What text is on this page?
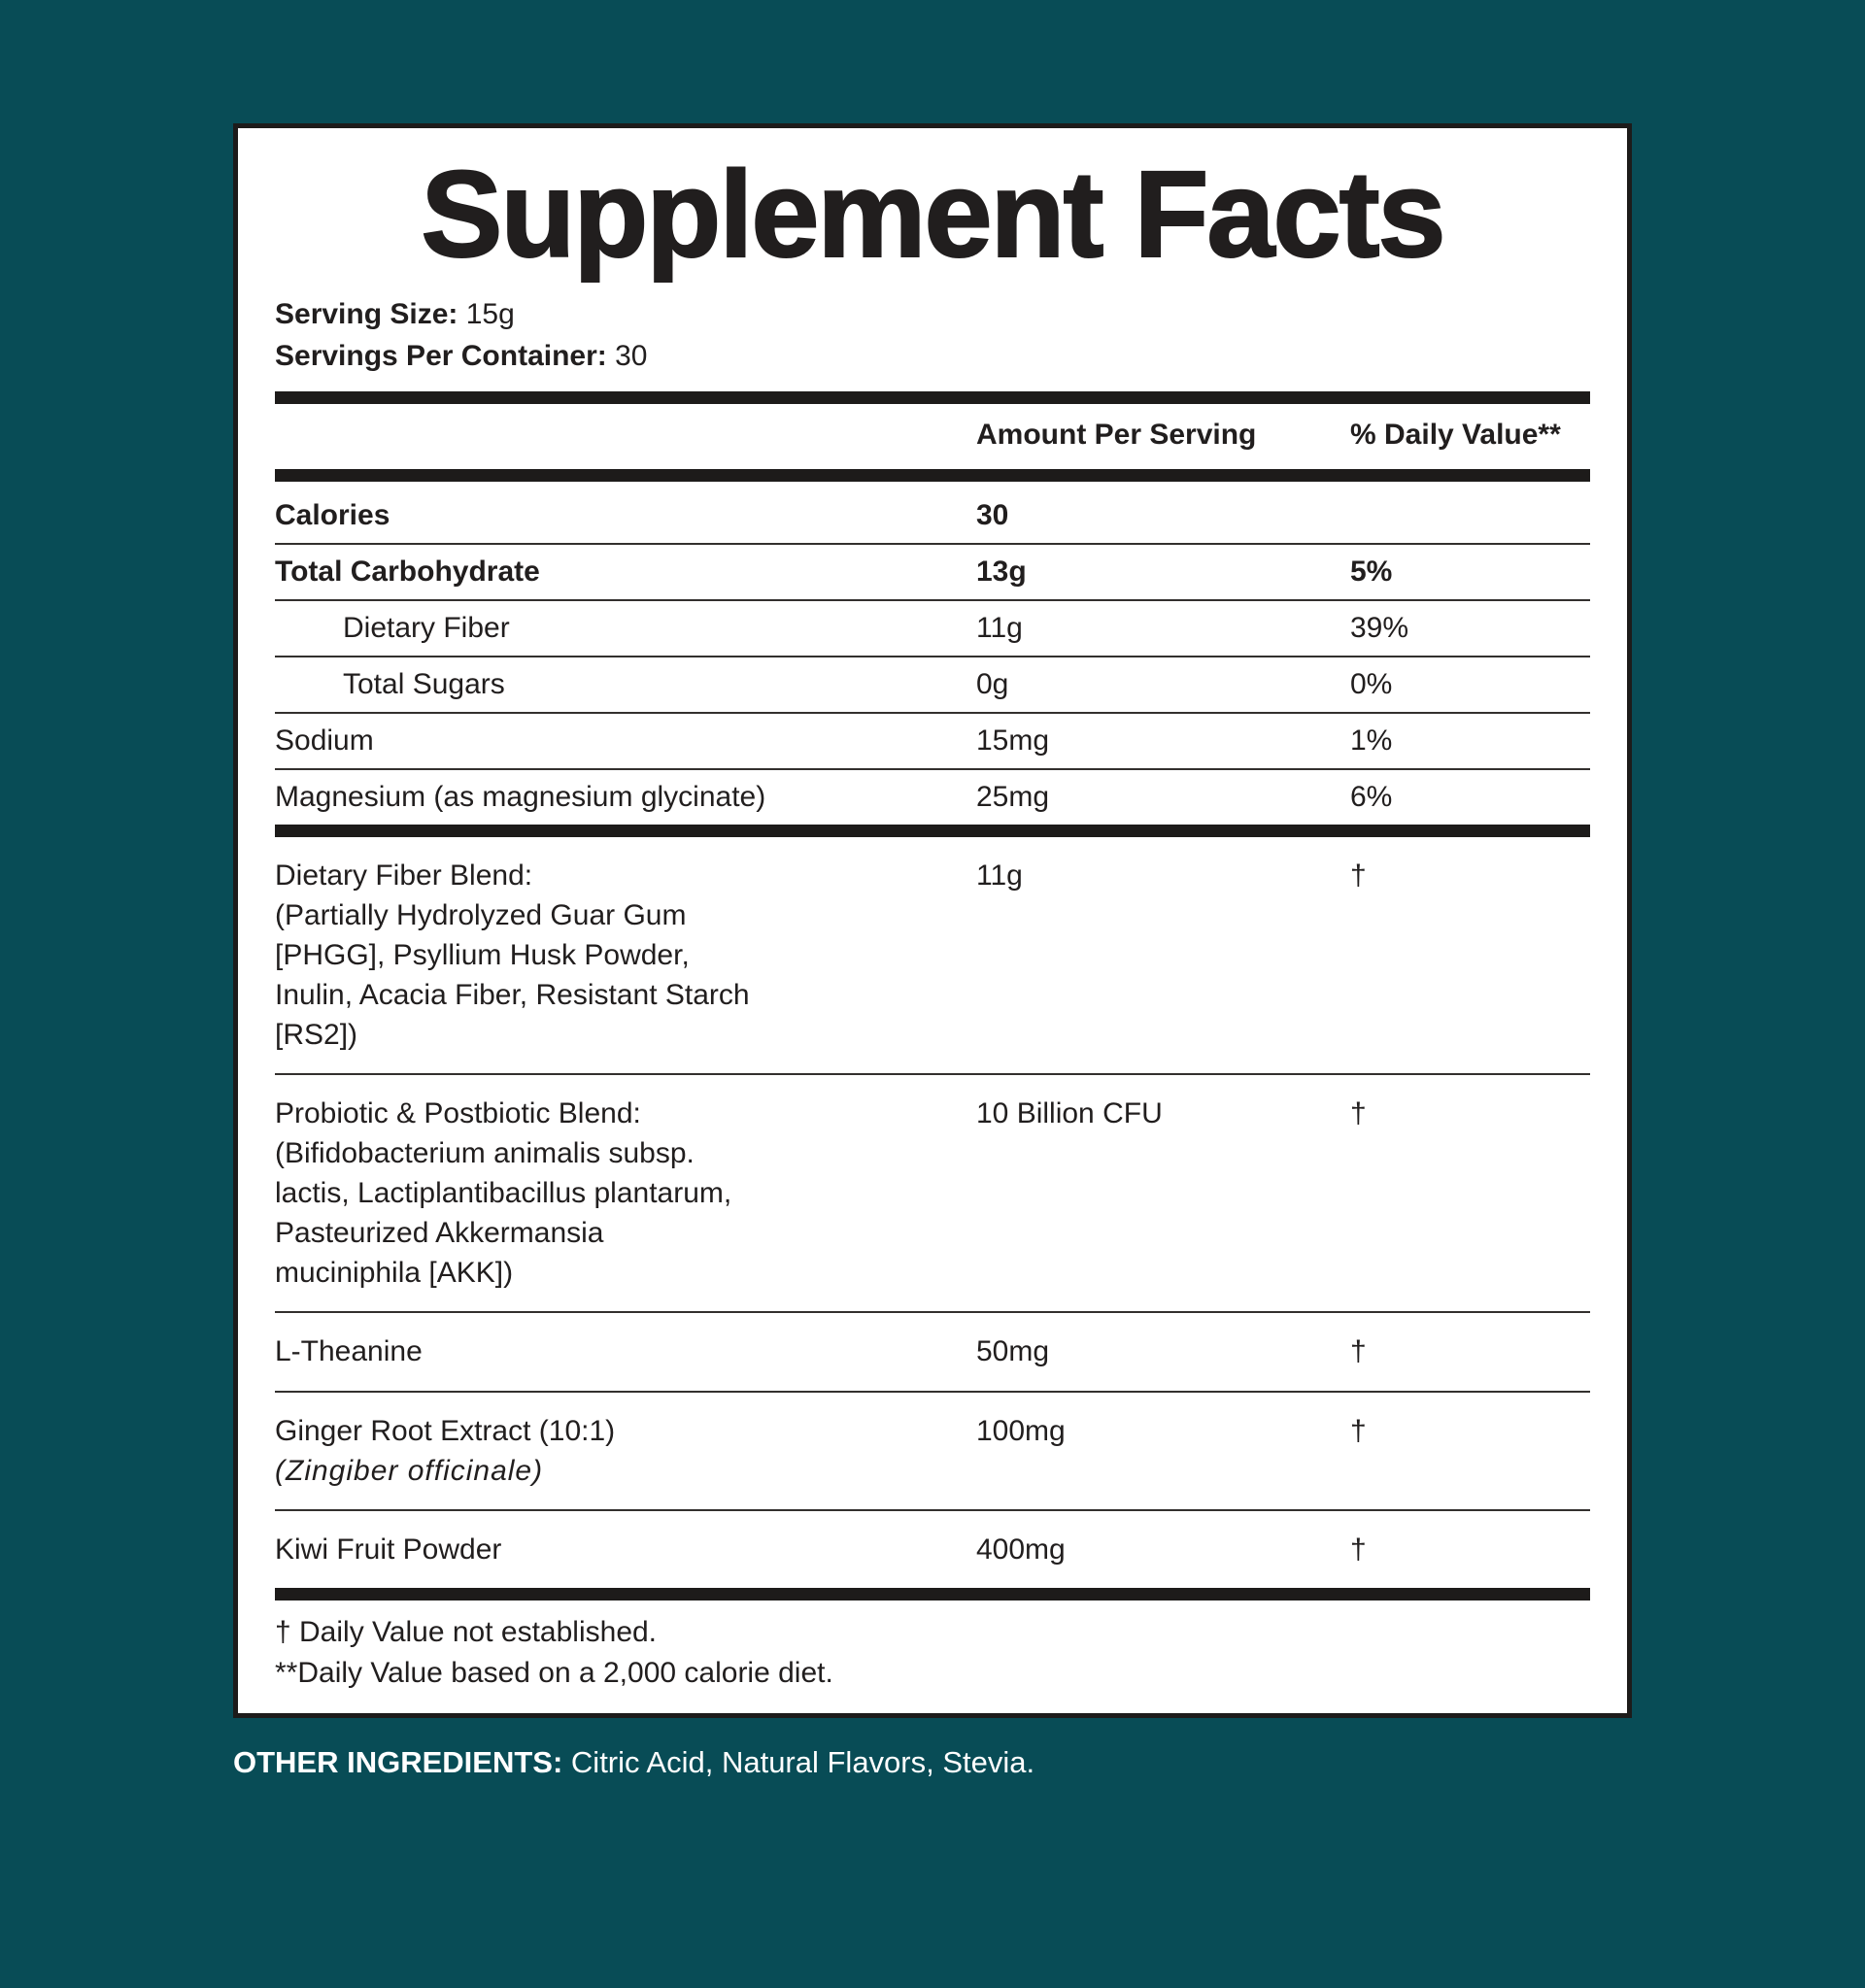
Supplement Facts
Serving Size: 15g
Servings Per Container: 30
Amount Per Serving	% Daily Value**
Calories	30
Total Carbohydrate	13g	5%
Dietary Fiber	11g	39%
Total Sugars	0g	0%
Sodium	15mg	1%
Magnesium (as magnesium glycinate)	25mg	6%
Dietary Fiber Blend:
(Partially Hydrolyzed Guar Gum
[PHGG], Psyllium Husk Powder,
Inulin, Acacia Fiber, Resistant Starch
[RS2])
11g	†
Probiotic & Postbiotic Blend:
(Bifidobacterium animalis subsp.
lactis, Lactiplantibacillus plantarum,
Pasteurized Akkermansia
muciniphila [AKK])
10 Billion CFU	†
L-Theanine	50mg	†
Ginger Root Extract (10:1)
(Zingiber officinale)
100mg	†
Kiwi Fruit Powder	400mg	†
† Daily Value not established.
**Daily Value based on a 2,000 calorie diet.
OTHER INGREDIENTS: Citric Acid, Natural Flavors, Stevia.
